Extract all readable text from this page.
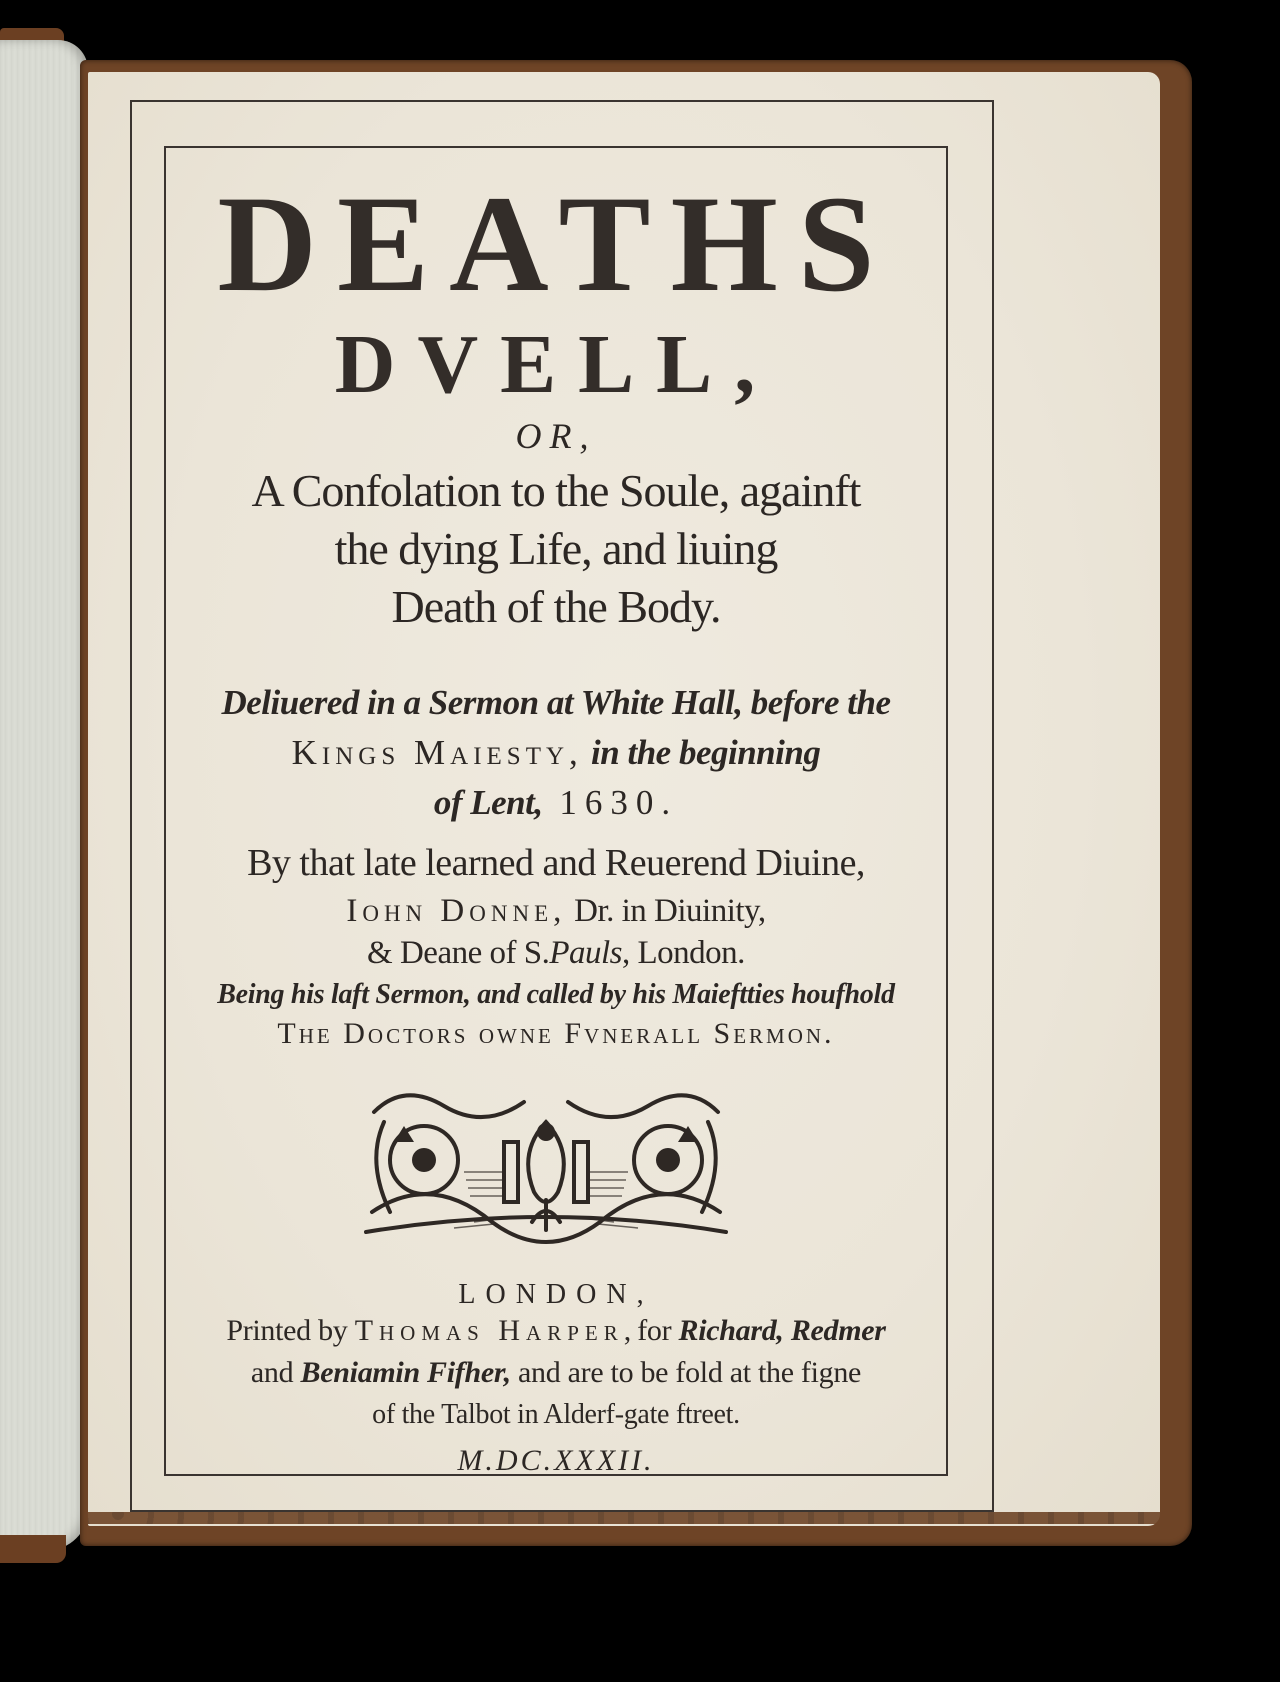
DEATHS
DVELL,
OR,
A Confolation to the Soule, againft
the dying Life, and liuing
Death of the Body.
Deliuered in a Sermon at White Hall, before the
Kings Maiesty, in the beginning
of Lent, 1630.
By that late learned and Reuerend Diuine,
Iohn Donne, Dr. in Diuinity,
& Deane of S.Pauls, London.
Being his laft Sermon, and called by his Maieftties houfhold
The Doctors owne Fvnerall Sermon.
LONDON,
Printed by Thomas Harper,for Richard, Redmer
and Beniamin Fifher, and are to be fold at the figne
of the Talbot in Alderf-gate ftreet.
M.DC.XXXII.
